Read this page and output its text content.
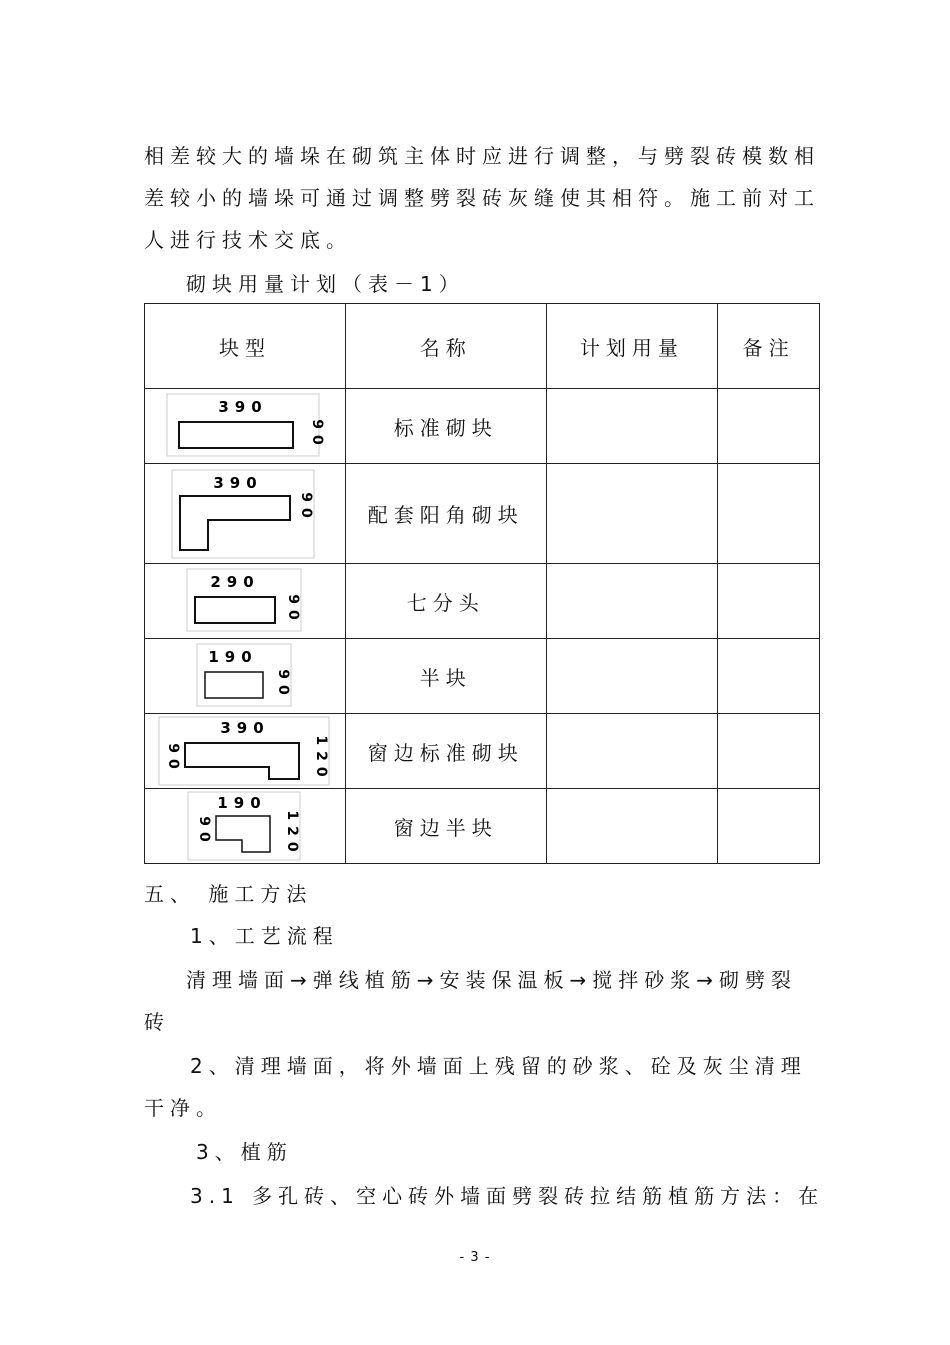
相差较大的墙垛在砌筑主体时应进行调整，与劈裂砖模数相
差较小的墙垛可通过调整劈裂砖灰缝使其相符。施工前对工
人进行技术交底。
砌块用量计划（表－1）
块型	名称	计划用量	备注

390
90	标准砌块		

390
90	配套阳角砌块		

290
90	七分头		

190
90	半块		

390
90 120	窗边标准砌块		

190
90 120	窗边半块		
五、 施工方法
1、工艺流程
清理墙面→弹线植筋→安装保温板→搅拌砂浆→砌劈裂
砖
2、清理墙面，将外墙面上残留的砂浆、砼及灰尘清理
干净。
3、植筋
3.1 多孔砖、空心砖外墙面劈裂砖拉结筋植筋方法：在
- 3 -
